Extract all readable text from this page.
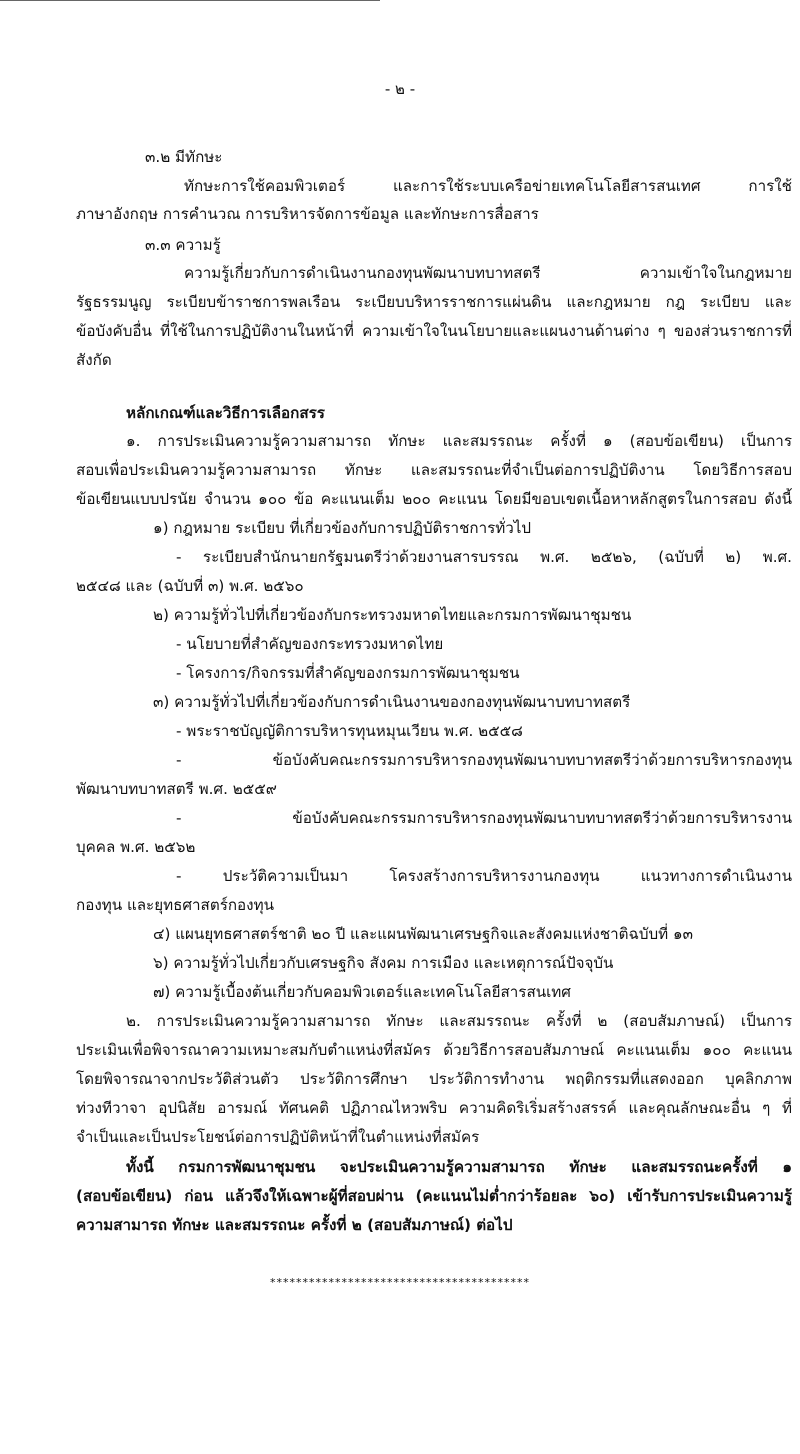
- ๒ -
๓.๒ มีทักษะ
ทักษะการใช้คอมพิวเตอร์ และการใช้ระบบเครือข่ายเทคโนโลยีสารสนเทศ การใช้
ภาษาอังกฤษ การคำนวณ การบริหารจัดการข้อมูล และทักษะการสื่อสาร
๓.๓ ความรู้
ความรู้เกี่ยวกับการดำเนินงานกองทุนพัฒนาบทบาทสตรี ความเข้าใจในกฎหมาย
รัฐธรรมนูญ ระเบียบข้าราชการพลเรือน ระเบียบบริหารราชการแผ่นดิน และกฎหมาย กฎ ระเบียบ และ
ข้อบังคับอื่น ที่ใช้ในการปฏิบัติงานในหน้าที่ ความเข้าใจในนโยบายและแผนงานด้านต่าง ๆ ของส่วนราชการที่
สังกัด
หลักเกณฑ์และวิธีการเลือกสรร
๑. การประเมินความรู้ความสามารถ ทักษะ และสมรรถนะ ครั้งที่ ๑ (สอบข้อเขียน) เป็นการ
สอบเพื่อประเมินความรู้ความสามารถ ทักษะ และสมรรถนะที่จำเป็นต่อการปฏิบัติงาน โดยวิธีการสอบ
ข้อเขียนแบบปรนัย จำนวน ๑๐๐ ข้อ คะแนนเต็ม ๒๐๐ คะแนน โดยมีขอบเขตเนื้อหาหลักสูตรในการสอบ ดังนี้
๑) กฎหมาย ระเบียบ ที่เกี่ยวข้องกับการปฏิบัติราชการทั่วไป
- ระเบียบสำนักนายกรัฐมนตรีว่าด้วยงานสารบรรณ พ.ศ. ๒๕๒๖, (ฉบับที่ ๒) พ.ศ.
๒๕๔๘ และ (ฉบับที่ ๓) พ.ศ. ๒๕๖๐
๒) ความรู้ทั่วไปที่เกี่ยวข้องกับกระทรวงมหาดไทยและกรมการพัฒนาชุมชน
- นโยบายที่สำคัญของกระทรวงมหาดไทย
- โครงการ/กิจกรรมที่สำคัญของกรมการพัฒนาชุมชน
๓) ความรู้ทั่วไปที่เกี่ยวข้องกับการดำเนินงานของกองทุนพัฒนาบทบาทสตรี
- พระราชบัญญัติการบริหารทุนหมุนเวียน พ.ศ. ๒๕๕๘
- ข้อบังคับคณะกรรมการบริหารกองทุนพัฒนาบทบาทสตรีว่าด้วยการบริหารกองทุน
พัฒนาบทบาทสตรี พ.ศ. ๒๕๕๙
- ข้อบังคับคณะกรรมการบริหารกองทุนพัฒนาบทบาทสตรีว่าด้วยการบริหารงาน
บุคคล พ.ศ. ๒๕๖๒
- ประวัติความเป็นมา โครงสร้างการบริหารงานกองทุน แนวทางการดำเนินงาน
กองทุน และยุทธศาสตร์กองทุน
๔) แผนยุทธศาสตร์ชาติ ๒๐ ปี และแผนพัฒนาเศรษฐกิจและสังคมแห่งชาติฉบับที่ ๑๓
๖) ความรู้ทั่วไปเกี่ยวกับเศรษฐกิจ สังคม การเมือง และเหตุการณ์ปัจจุบัน
๗) ความรู้เบื้องต้นเกี่ยวกับคอมพิวเตอร์และเทคโนโลยีสารสนเทศ
๒. การประเมินความรู้ความสามารถ ทักษะ และสมรรถนะ ครั้งที่ ๒ (สอบสัมภาษณ์) เป็นการ
ประเมินเพื่อพิจารณาความเหมาะสมกับตำแหน่งที่สมัคร ด้วยวิธีการสอบสัมภาษณ์ คะแนนเต็ม ๑๐๐ คะแนน
โดยพิจารณาจากประวัติส่วนตัว ประวัติการศึกษา ประวัติการทำงาน พฤติกรรมที่แสดงออก บุคลิกภาพ
ท่วงทีวาจา อุปนิสัย อารมณ์ ทัศนคติ ปฏิภาณไหวพริบ ความคิดริเริ่มสร้างสรรค์ และคุณลักษณะอื่น ๆ ที่
จำเป็นและเป็นประโยชน์ต่อการปฏิบัติหน้าที่ในตำแหน่งที่สมัคร
ทั้งนี้ กรมการพัฒนาชุมชน จะประเมินความรู้ความสามารถ ทักษะ และสมรรถนะครั้งที่ ๑
(สอบข้อเขียน) ก่อน แล้วจึงให้เฉพาะผู้ที่สอบผ่าน (คะแนนไม่ต่ำกว่าร้อยละ ๖๐) เข้ารับการประเมินความรู้
ความสามารถ ทักษะ และสมรรถนะ ครั้งที่ ๒ (สอบสัมภาษณ์) ต่อไป
****************************************
